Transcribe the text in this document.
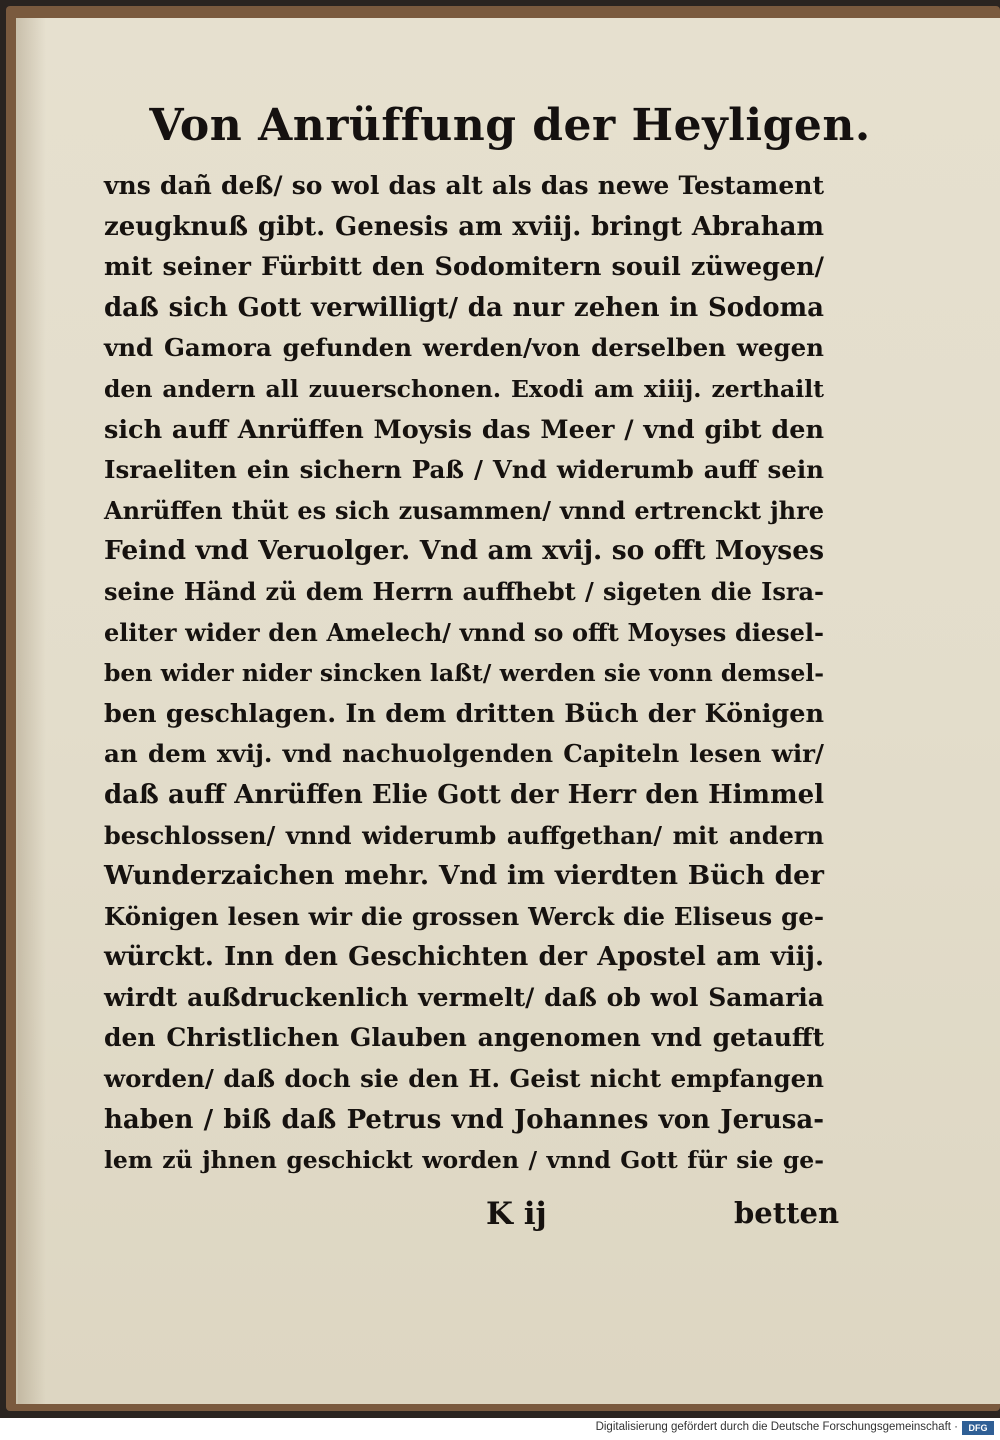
Von Anrüffung der Heyligen.
vns dañ deß/ so wol das alt als das newe Testament
zeugknuß gibt. Genesis am xviij. bringt Abraham
mit seiner Fürbitt den Sodomitern souil züwegen/
daß sich Gott verwilligt/ da nur zehen in Sodoma
vnd Gamora gefunden werden/von derselben wegen
den andern all zuuerschonen. Exodi am xiiij. zerthailt
sich auff Anrüffen Moysis das Meer / vnd gibt den
Israeliten ein sichern Paß / Vnd widerumb auff sein
Anrüffen thüt es sich zusammen/ vnnd ertrenckt jhre
Feind vnd Veruolger. Vnd am xvij. so offt Moyses
seine Händ zü dem Herrn auffhebt / sigeten die Isra-
eliter wider den Amelech/ vnnd so offt Moyses diesel-
ben wider nider sincken laßt/ werden sie vonn demsel-
ben geschlagen. In dem dritten Büch der Königen
an dem xvij. vnd nachuolgenden Capiteln lesen wir/
daß auff Anrüffen Elie Gott der Herr den Himmel
beschlossen/ vnnd widerumb auffgethan/ mit andern
Wunderzaichen mehr. Vnd im vierdten Büch der
Königen lesen wir die grossen Werck die Eliseus ge-
würckt. Inn den Geschichten der Apostel am viij.
wirdt außdruckenlich vermelt/ daß ob wol Samaria
den Christlichen Glauben angenomen vnd getaufft
worden/ daß doch sie den H. Geist nicht empfangen
haben / biß daß Petrus vnd Johannes von Jerusa-
lem zü jhnen geschickt worden / vnnd Gott für sie ge-
K ij	betten
Digitalisierung gefördert durch die Deutsche Forschungsgemeinschaft ·	DFG
